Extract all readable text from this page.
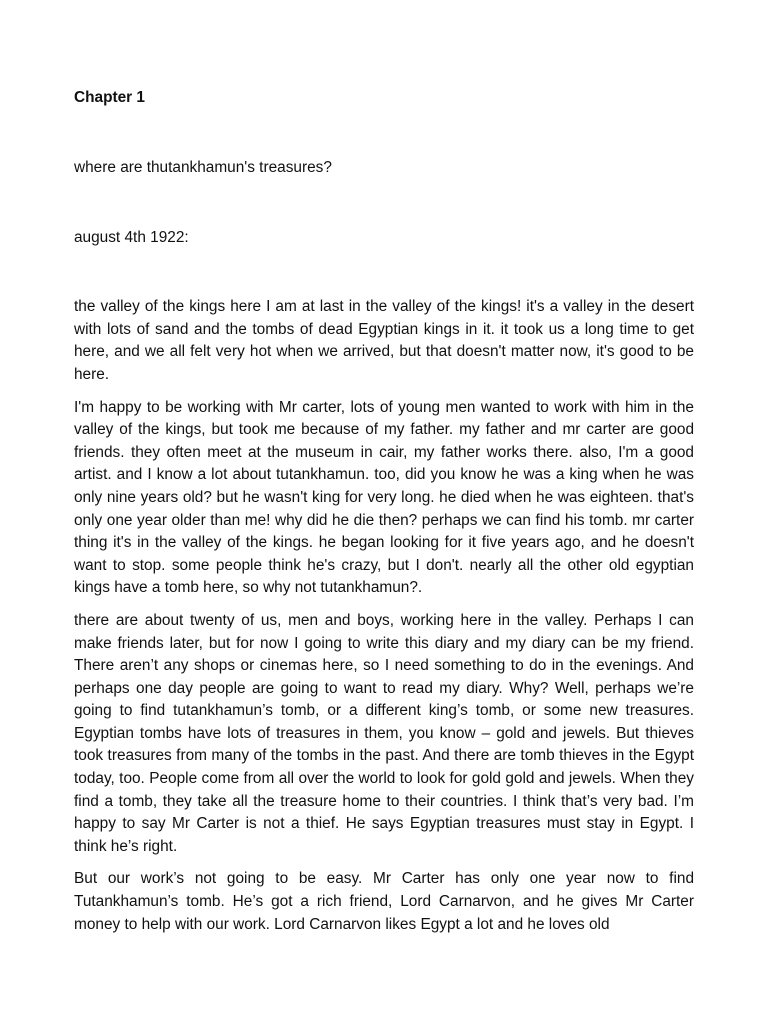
Chapter 1

where are thutankhamun's treasures?

august 4th 1922:

the valley of the kings here I am at last in the valley of the kings! it's a valley in the desert with lots of sand and the tombs of dead Egyptian kings in it. it took us a long time to get here, and we all felt very hot when we arrived, but that doesn't matter now, it's good to be here.

I'm happy to be working with Mr carter, lots of young men wanted to work with him in the valley of the kings, but took me because of my father. my father and mr carter are good friends. they often meet at the museum in cair, my father works there. also, I'm a good artist. and I know a lot about tutankhamun. too, did you know he was a king when he was only nine years old? but he wasn't king for very long. he died when he was eighteen. that's only one year older than me! why did he die then? perhaps we can find his tomb. mr carter thing it's in the valley of the kings. he began looking for it five years ago, and he doesn't want to stop. some people think he's crazy, but I don't. nearly all the other old egyptian kings have a tomb here, so why not tutankhamun?.

there are about twenty of us, men and boys, working here in the valley. Perhaps I can make friends later, but for now I going to write this diary and my diary can be my friend. There aren’t any shops or cinemas here, so I need something to do in the evenings. And perhaps one day people are going to want to read my diary. Why? Well, perhaps we’re going to find tutankhamun’s tomb, or a different king’s tomb, or some new treasures. Egyptian tombs have lots of treasures in them, you know – gold and jewels. But thieves took treasures from many of the tombs in the past. And there are tomb thieves in the Egypt today, too. People come from all over the world to look for gold gold and jewels. When they find a tomb, they take all the treasure home to their countries. I think that’s very bad. I’m happy to say Mr Carter is not a thief. He says Egyptian treasures must stay in Egypt. I think he’s right.

But our work’s not going to be easy. Mr Carter has only one year now to find Tutankhamun’s tomb. He’s got a rich friend, Lord Carnarvon, and he gives Mr Carter money to help with our work. Lord Carnarvon likes Egypt a lot and he loves old
